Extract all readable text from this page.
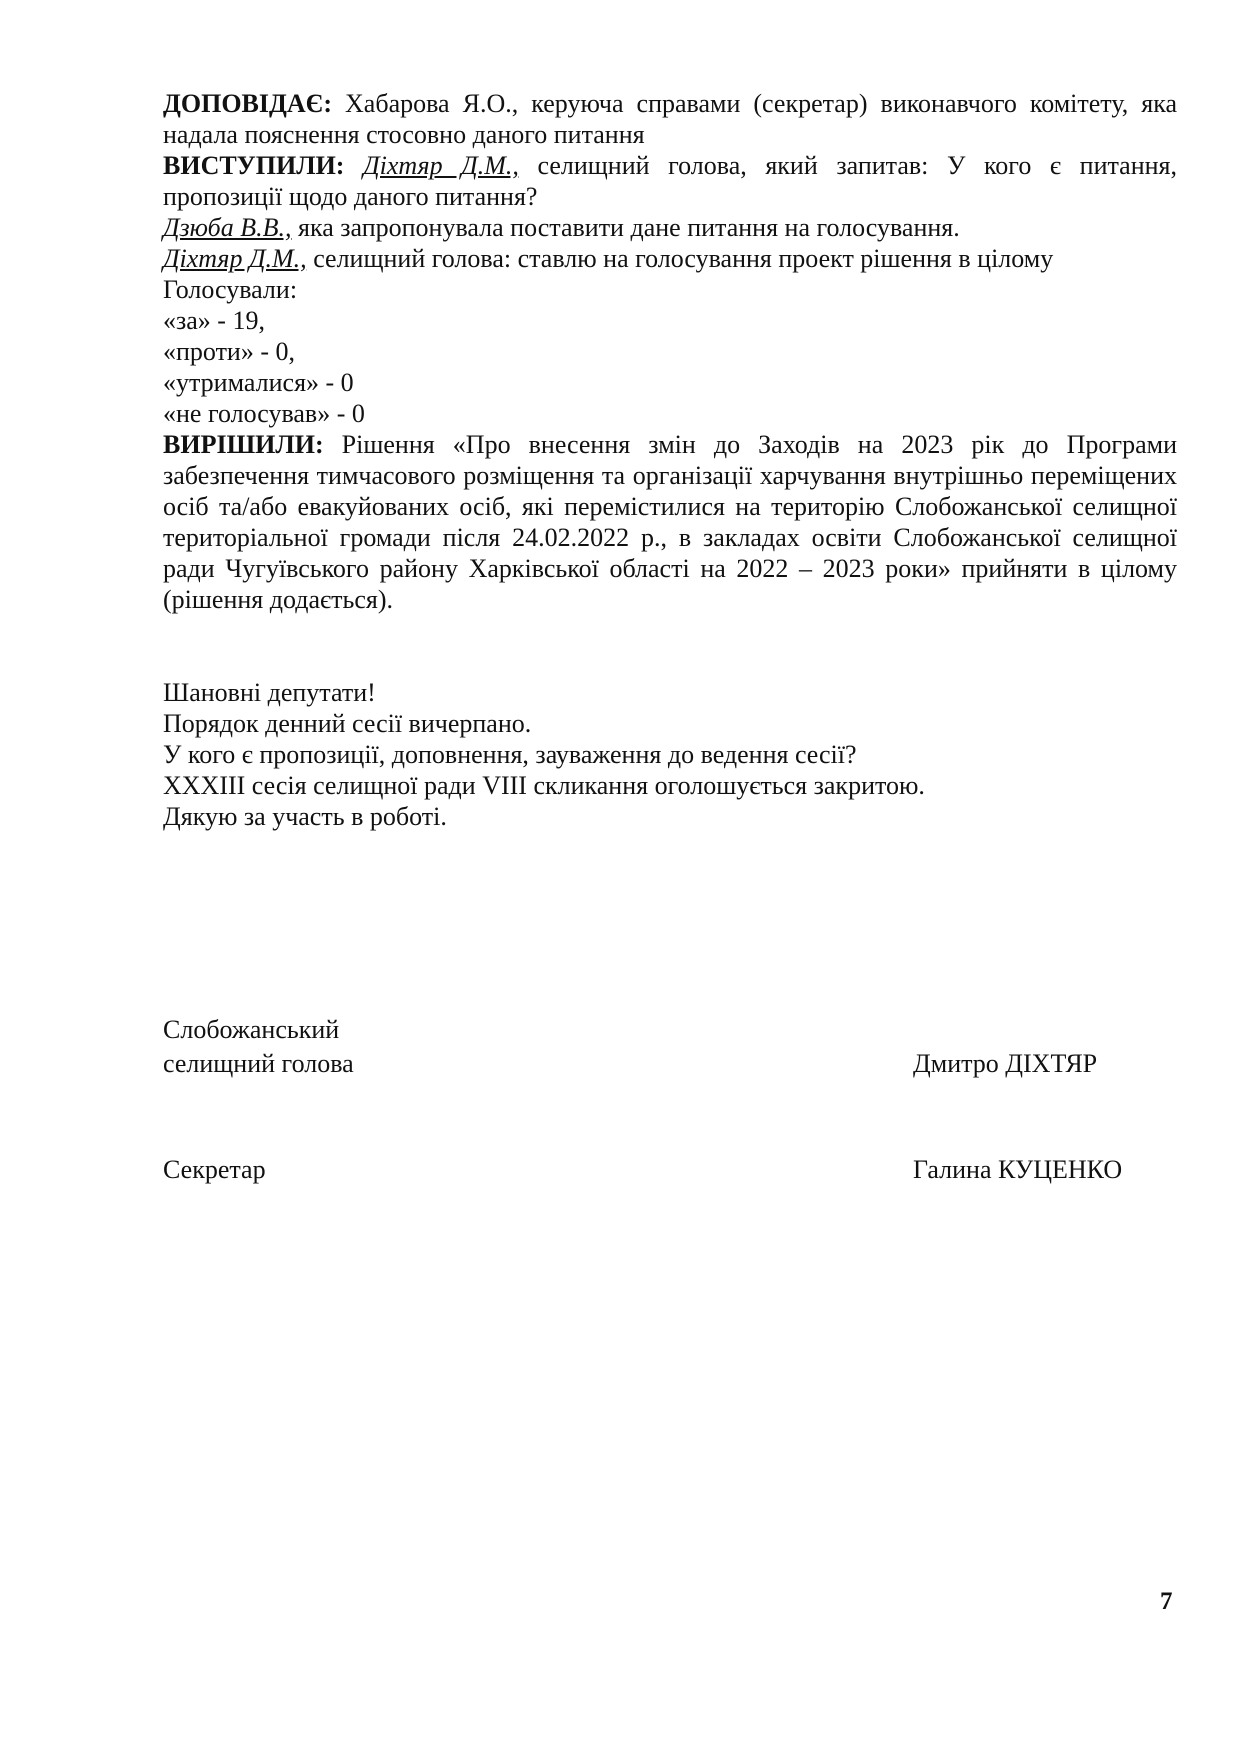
ДОПОВІДАЄ: Хабарова Я.О., керуюча справами (секретар) виконавчого комітету, яка надала пояснення стосовно даного питання

ВИСТУПИЛИ: Діхтяр Д.М., селищний голова, який запитав: У кого є питання, пропозиції щодо даного питання?

Дзюба В.В., яка запропонувала поставити дане питання на голосування.
Діхтяр Д.М., селищний голова: ставлю на голосування проект рішення в цілому
Голосували:
«за» - 19,
«проти» - 0,
«утрималися» - 0
«не голосував» - 0

ВИРІШИЛИ: Рішення «Про внесення змін до Заходів на 2023 рік до Програми забезпечення тимчасового розміщення та організації харчування внутрішньо переміщених осіб та/або евакуйованих осіб, які перемістилися на територію Слобожанської селищної територіальної громади після 24.02.2022 р., в закладах освіти Слобожанської селищної ради Чугуївського району Харківської області на 2022 – 2023 роки» прийняти в цілому (рішення додається).

Шановні депутати!
Порядок денний сесії вичерпано.
У кого є пропозиції, доповнення, зауваження до ведення сесії?
XXXIII сесія селищної ради VIII скликання оголошується закритою.
Дякую за участь в роботі.
Слобожанський
селищний голова	Дмитро ДІХТЯР
Секретар	Галина КУЦЕНКО
7
